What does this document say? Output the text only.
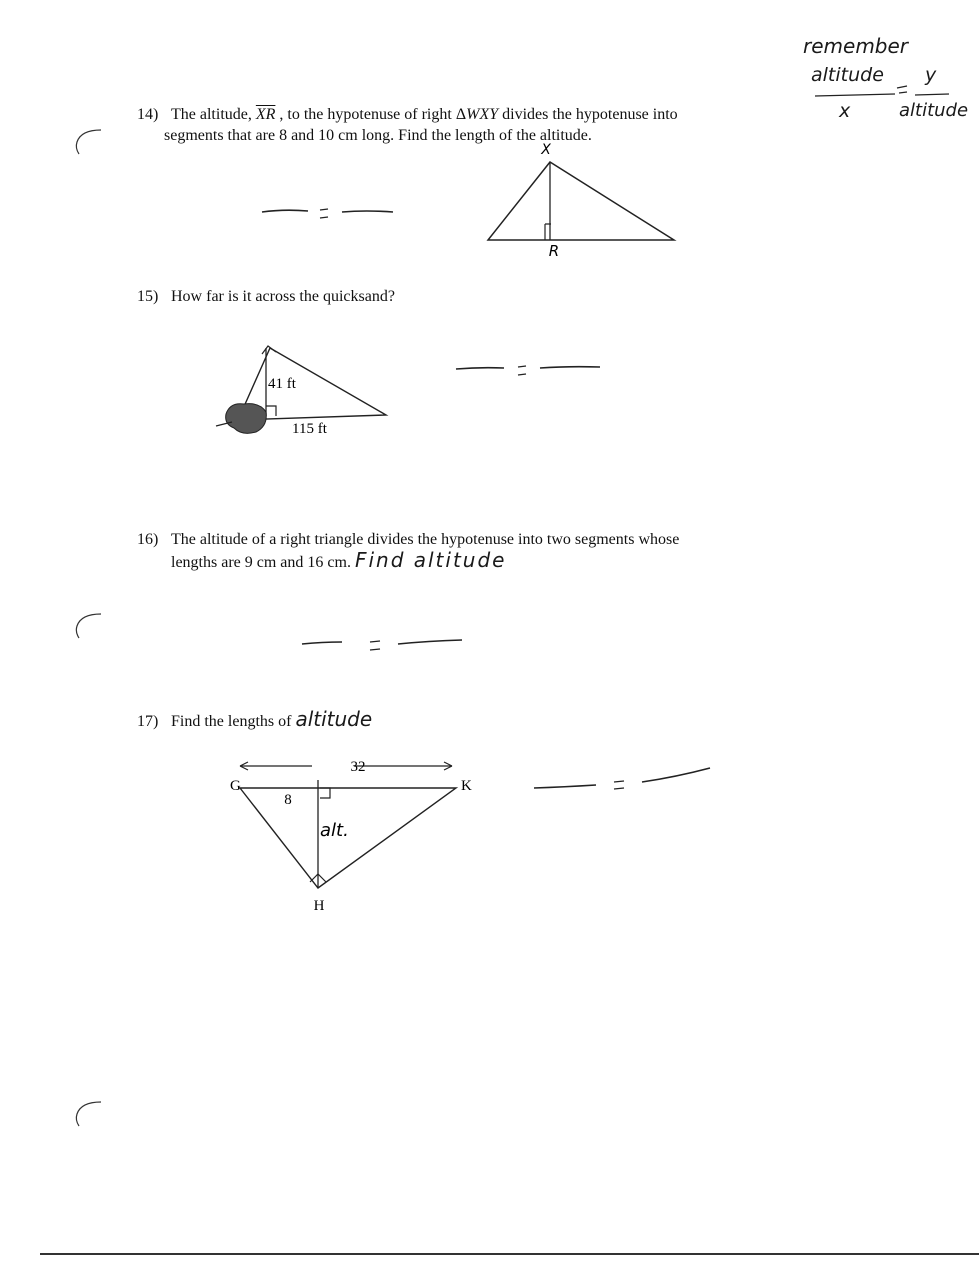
remember
altitude y
x	altitude
14) The altitude, $\overline{XR}$ , to the hypotenuse of right ΔWXY divides the hypotenuse into
segments that are 8 and 10 cm long. Find the length of the altitude.
X
R
15) How far is it across the quicksand?
41 ft
115 ft
16) The altitude of a right triangle divides the hypotenuse into two segments whose
lengths are 9 cm and 16 cm. Find altitude
17) Find the lengths of altitude
32
G	K
H
8
alt.
